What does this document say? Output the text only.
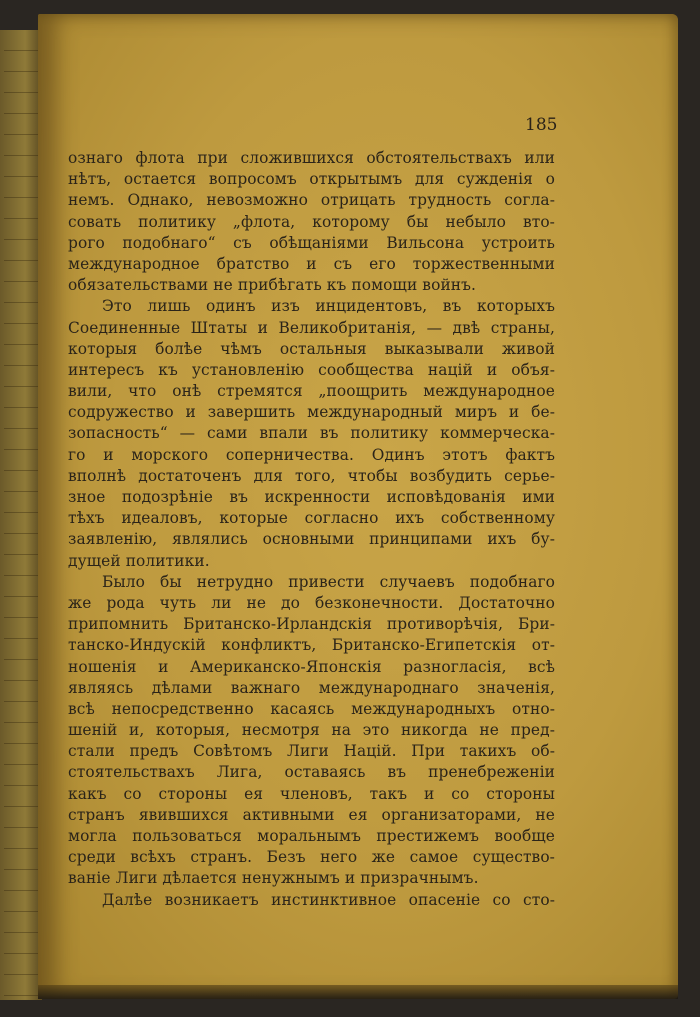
185
ознаго флота при сложившихся обстоятельствахъ или
нѣтъ, остается вопросомъ открытымъ для сужденія о
немъ. Однако, невозможно отрицать трудность согла-
совать политику „флота, которому бы небыло вто-
рого подобнаго“ съ обѣщаніями Вильсона устроить
международное братство и съ его торжественными
обязательствами не прибѣгать къ помощи войнъ.
Это лишь одинъ изъ инцидентовъ, въ которыхъ
Соединенные Штаты и Великобританія, — двѣ страны,
которыя болѣе чѣмъ остальныя выказывали живой
интересъ къ установленію сообщества націй и объя-
вили, что онѣ стремятся „поощрить международное
содружество и завершить международный миръ и бе-
зопасность“ — сами впали въ политику коммерческа-
го и морского соперничества. Одинъ этотъ фактъ
вполнѣ достаточенъ для того, чтобы возбудить серье-
зное подозрѣніе въ искренности исповѣдованія ими
тѣхъ идеаловъ, которые согласно ихъ собственному
заявленію, являлись основными принципами ихъ бу-
дущей политики.
Было бы нетрудно привести случаевъ подобнаго
же рода чуть ли не до безконечности. Достаточно
припомнить Британско-Ирландскія противорѣчія, Бри-
танско-Индускій конфликтъ, Британско-Египетскія от-
ношенія и Американско-Японскія разногласія, всѣ
являясь дѣлами важнаго международнаго значенія,
всѣ непосредственно касаясь международныхъ отно-
шеній и, которыя, несмотря на это никогда не пред-
стали предъ Совѣтомъ Лиги Націй. При такихъ об-
стоятельствахъ Лига, оставаясь въ пренебреженіи
какъ со стороны ея членовъ, такъ и со стороны
странъ явившихся активными ея организаторами, не
могла пользоваться моральнымъ престижемъ вообще
среди всѣхъ странъ. Безъ него же самое существо-
ваніе Лиги дѣлается ненужнымъ и призрачнымъ.
Далѣе возникаетъ инстинктивное опасеніе со сто-
